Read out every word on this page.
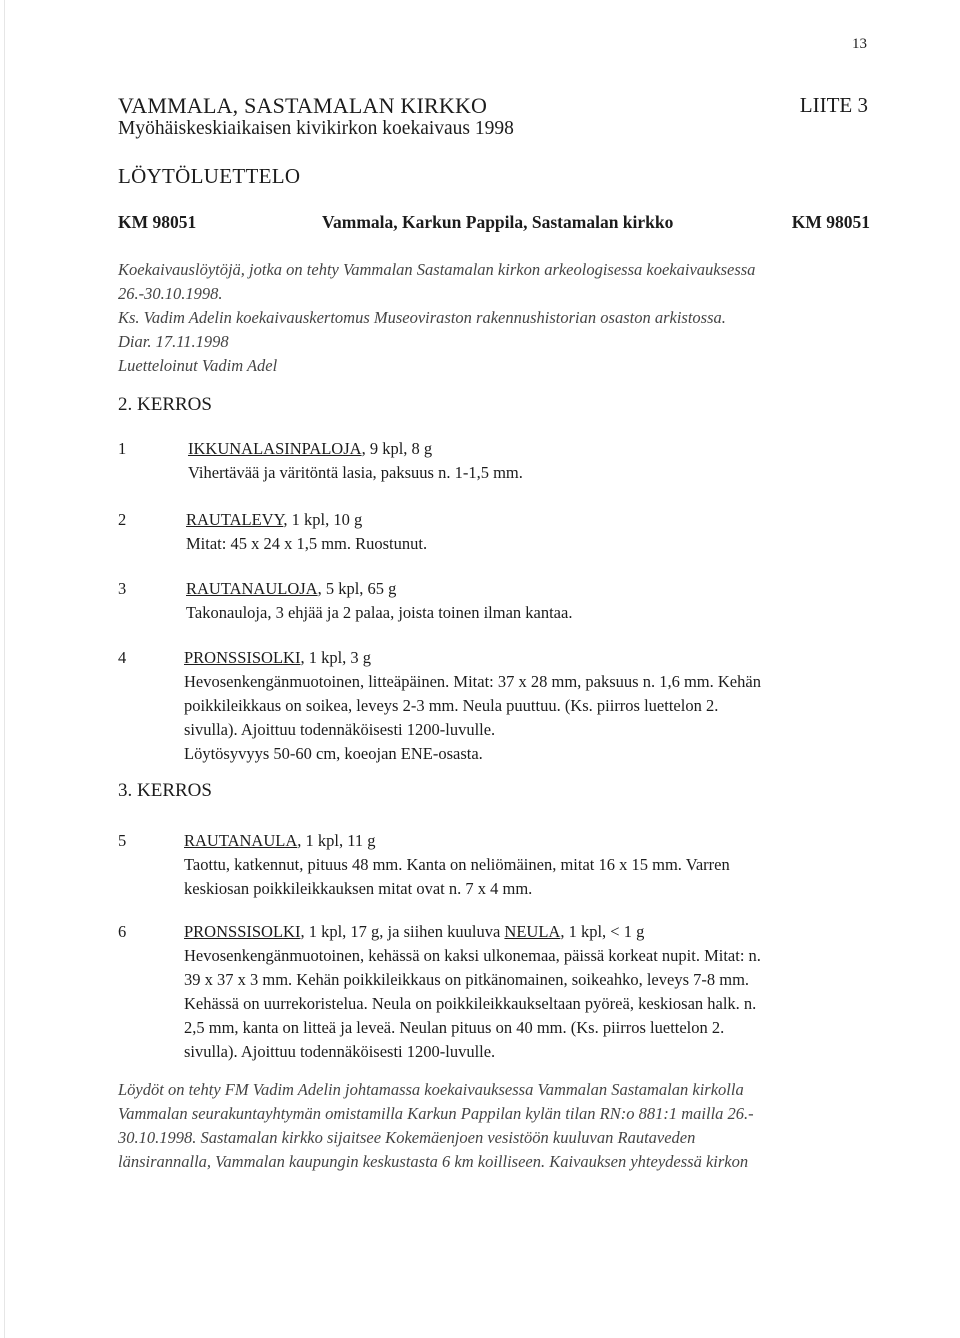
13
VAMMALA, SASTAMALAN KIRKKO	LIITE 3
Myöhäiskeskiaikaisen kivikirkon koekaivaus 1998
LÖYTÖLUETTELO
KM 98051	Vammala, Karkun Pappila, Sastamalan kirkko	KM 98051
Koekaivauslöytöjä, jotka on tehty Vammalan Sastamalan kirkon arkeologisessa koekaivauksessa
26.-30.10.1998.
Ks. Vadim Adelin koekaivauskertomus Museoviraston rakennushistorian osaston arkistossa.
Diar. 17.11.1998
Luetteloinut Vadim Adel
2. KERROS
1	IKKUNALASINPALOJA, 9 kpl, 8 g
Vihertävää ja väritöntä lasia, paksuus n. 1-1,5 mm.
2	RAUTALEVY, 1 kpl, 10 g
Mitat: 45 x 24 x 1,5 mm. Ruostunut.
3	RAUTANAULOJA, 5 kpl, 65 g
Takonauloja, 3 ehjää ja 2 palaa, joista toinen ilman kantaa.
4	PRONSSISOLKI, 1 kpl, 3 g
Hevosenkengänmuotoinen, litteäpäinen. Mitat: 37 x 28 mm, paksuus n. 1,6 mm. Kehän
poikkileikkaus on soikea, leveys 2-3 mm. Neula puuttuu. (Ks. piirros luettelon 2.
sivulla). Ajoittuu todennäköisesti 1200-luvulle.
Löytösyvyys 50-60 cm, koeojan ENE-osasta.
3. KERROS
5	RAUTANAULA, 1 kpl, 11 g
Taottu, katkennut, pituus 48 mm. Kanta on neliömäinen, mitat 16 x 15 mm. Varren
keskiosan poikkileikkauksen mitat ovat n. 7 x 4 mm.
6	PRONSSISOLKI, 1 kpl, 17 g, ja siihen kuuluva NEULA, 1 kpl, < 1 g
Hevosenkengänmuotoinen, kehässä on kaksi ulkonemaa, päissä korkeat nupit. Mitat: n.
39 x 37 x 3 mm. Kehän poikkileikkaus on pitkänomainen, soikeahko, leveys 7-8 mm.
Kehässä on uurrekoristelua. Neula on poikkileikkaukseltaan pyöreä, keskiosan halk. n.
2,5 mm, kanta on litteä ja leveä. Neulan pituus on 40 mm. (Ks. piirros luettelon 2.
sivulla). Ajoittuu todennäköisesti 1200-luvulle.
Löydöt on tehty FM Vadim Adelin johtamassa koekaivauksessa Vammalan Sastamalan kirkolla
Vammalan seurakuntayhtymän omistamilla Karkun Pappilan kylän tilan RN:o 881:1 mailla 26.-
30.10.1998. Sastamalan kirkko sijaitsee Kokemäenjoen vesistöön kuuluvan Rautaveden
länsirannalla, Vammalan kaupungin keskustasta 6 km koilliseen. Kaivauksen yhteydessä kirkon
